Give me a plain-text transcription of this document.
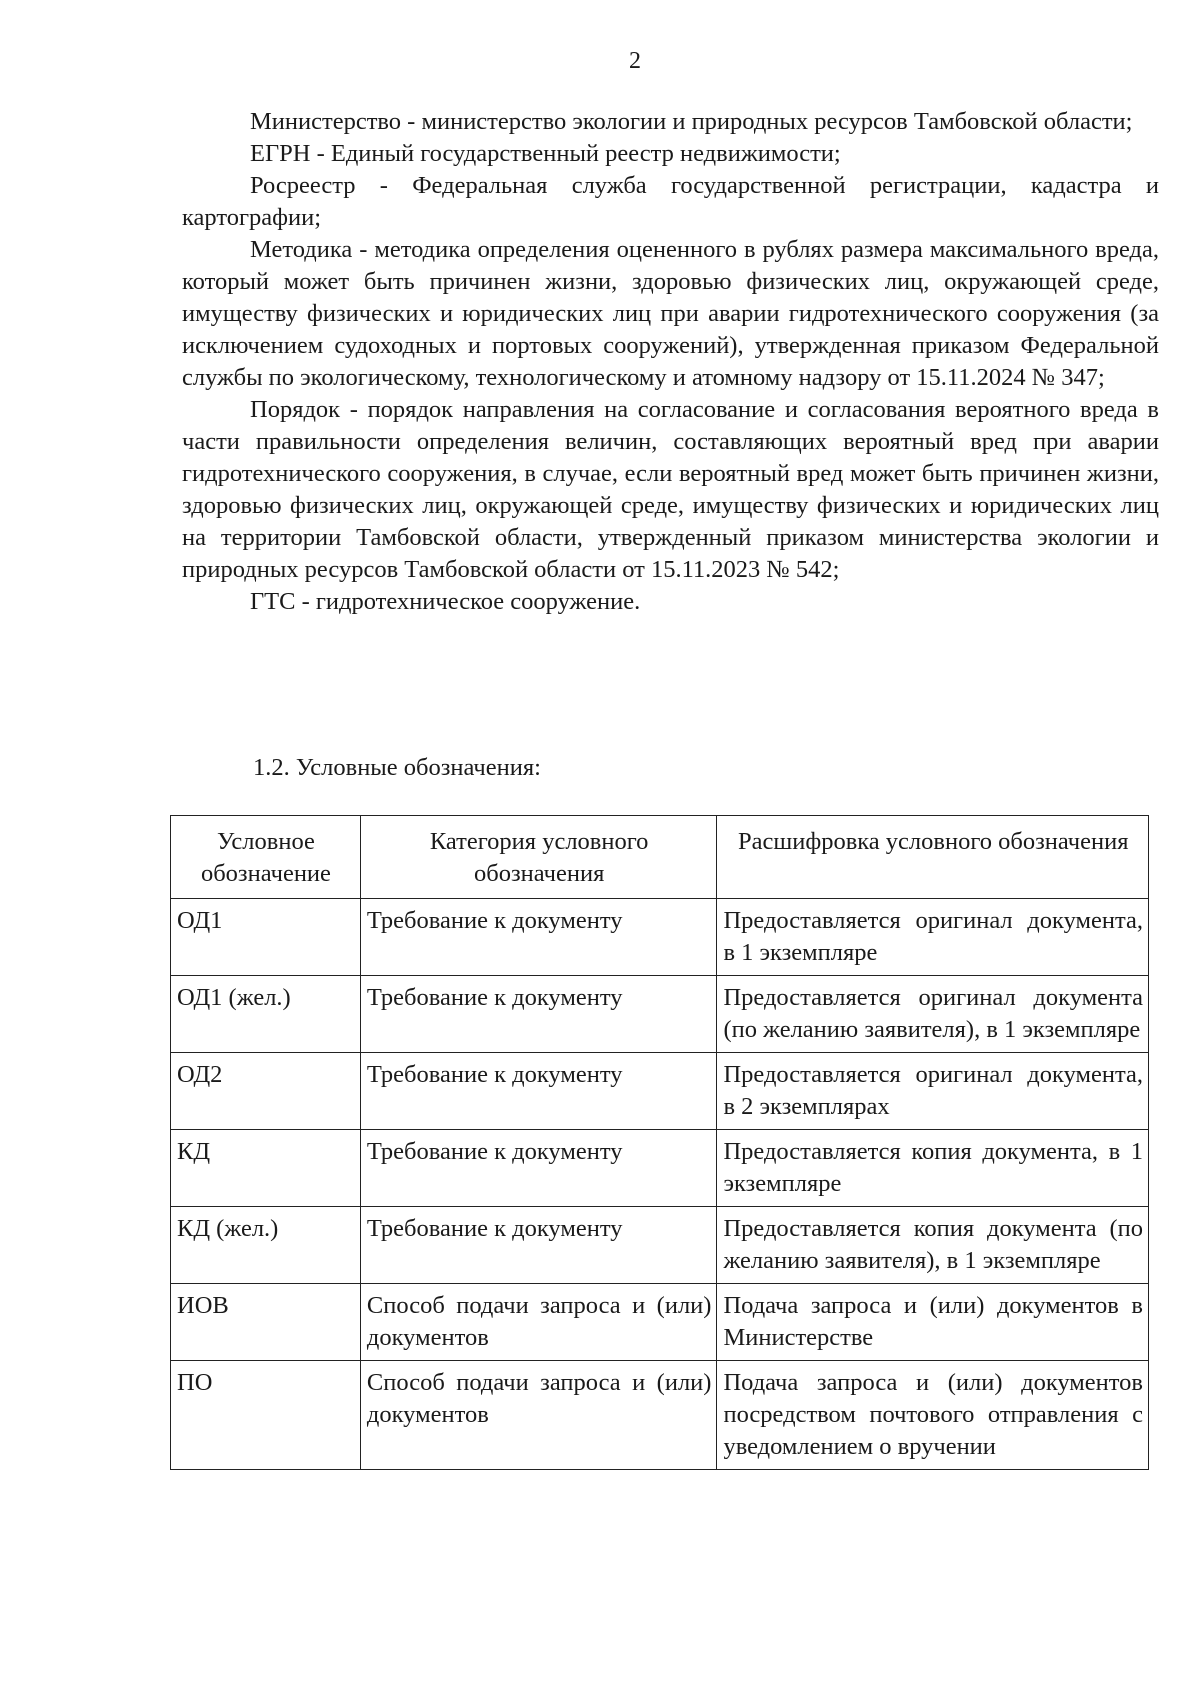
2

Министерство - министерство экологии и природных ресурсов Тамбовской области;

ЕГРН - Единый государственный реестр недвижимости;

Росреестр - Федеральная служба государственной регистрации, кадастра и картографии;

Методика - методика определения оцененного в рублях размера максимального вреда, который может быть причинен жизни, здоровью физических лиц, окружающей среде, имуществу физических и юридических лиц при аварии гидротехнического сооружения (за исключением судоходных и портовых сооружений), утвержденная приказом Федеральной службы по экологическому, технологическому и атомному надзору от 15.11.2024 № 347;

Порядок - порядок направления на согласование и согласования вероятного вреда в части правильности определения величин, составляющих вероятный вред при аварии гидротехнического сооружения, в случае, если вероятный вред может быть причинен жизни, здоровью физических лиц, окружающей среде, имуществу физических и юридических лиц на территории Тамбовской области, утвержденный приказом министерства экологии и природных ресурсов Тамбовской области от 15.11.2023 № 542;

ГТС - гидротехническое сооружение.

1.2. Условные обозначения:

Условное обозначение	Категория условного обозначения	Расшифровка условного обозначения
ОД1	Требование к документу	Предоставляется оригинал документа, в 1 экземпляре
ОД1 (жел.)	Требование к документу	Предоставляется оригинал документа (по желанию заявителя), в 1 экземпляре
ОД2	Требование к документу	Предоставляется оригинал документа, в 2 экземплярах
КД	Требование к документу	Предоставляется копия документа, в 1 экземпляре
КД (жел.)	Требование к документу	Предоставляется копия документа (по желанию заявителя), в 1 экземпляре
ИОВ	Способ подачи запроса и (или) документов	Подача запроса и (или) документов в Министерстве
ПО	Способ подачи запроса и (или) документов	Подача запроса и (или) документов посредством почтового отправления с уведомлением о вручении
